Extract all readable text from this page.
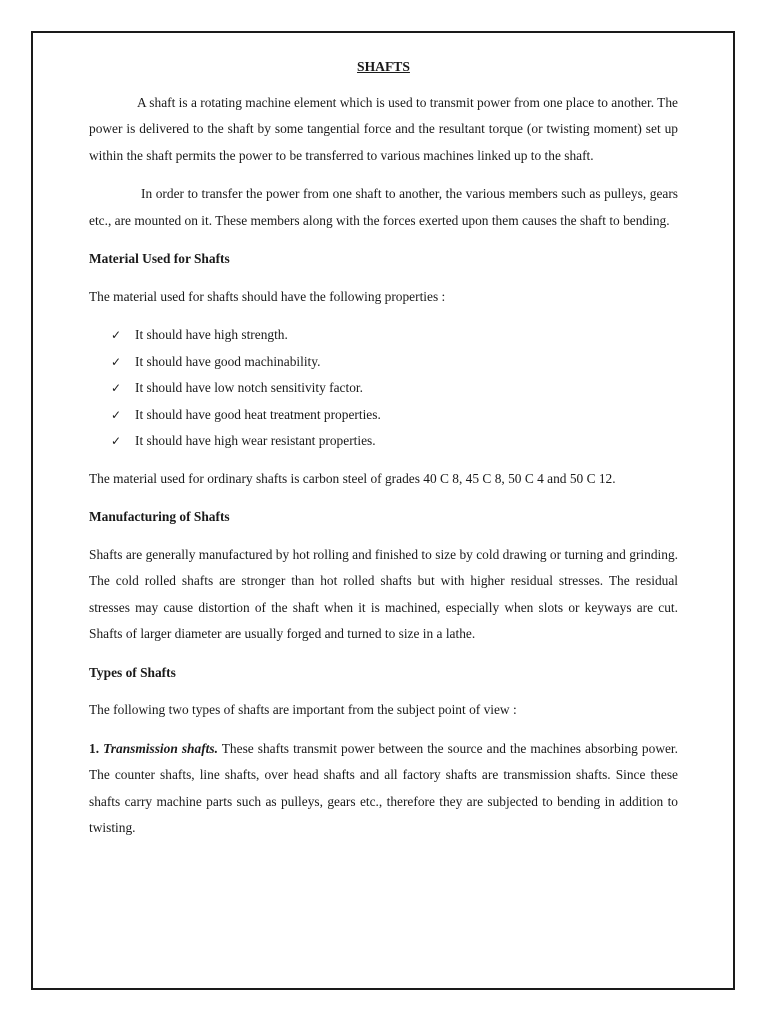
SHAFTS

A shaft is a rotating machine element which is used to transmit power from one place to another. The power is delivered to the shaft by some tangential force and the resultant torque (or twisting moment) set up within the shaft permits the power to be transferred to various machines linked up to the shaft.

In order to transfer the power from one shaft to another, the various members such as pulleys, gears etc., are mounted on it. These members along with the forces exerted upon them causes the shaft to bending.

Material Used for Shafts

The material used for shafts should have the following properties :

✓	It should have high strength.
✓	It should have good machinability.
✓	It should have low notch sensitivity factor.
✓	It should have good heat treatment properties.
✓	It should have high wear resistant properties.

The material used for ordinary shafts is carbon steel of grades 40 C 8, 45 C 8, 50 C 4 and 50 C 12.

Manufacturing of Shafts

Shafts are generally manufactured by hot rolling and finished to size by cold drawing or turning and grinding. The cold rolled shafts are stronger than hot rolled shafts but with higher residual stresses. The residual stresses may cause distortion of the shaft when it is machined, especially when slots or keyways are cut. Shafts of larger diameter are usually forged and turned to size in a lathe.

Types of Shafts

The following two types of shafts are important from the subject point of view :

1. Transmission shafts. These shafts transmit power between the source and the machines absorbing power. The counter shafts, line shafts, over head shafts and all factory shafts are transmission shafts. Since these shafts carry machine parts such as pulleys, gears etc., therefore they are subjected to bending in addition to twisting.
